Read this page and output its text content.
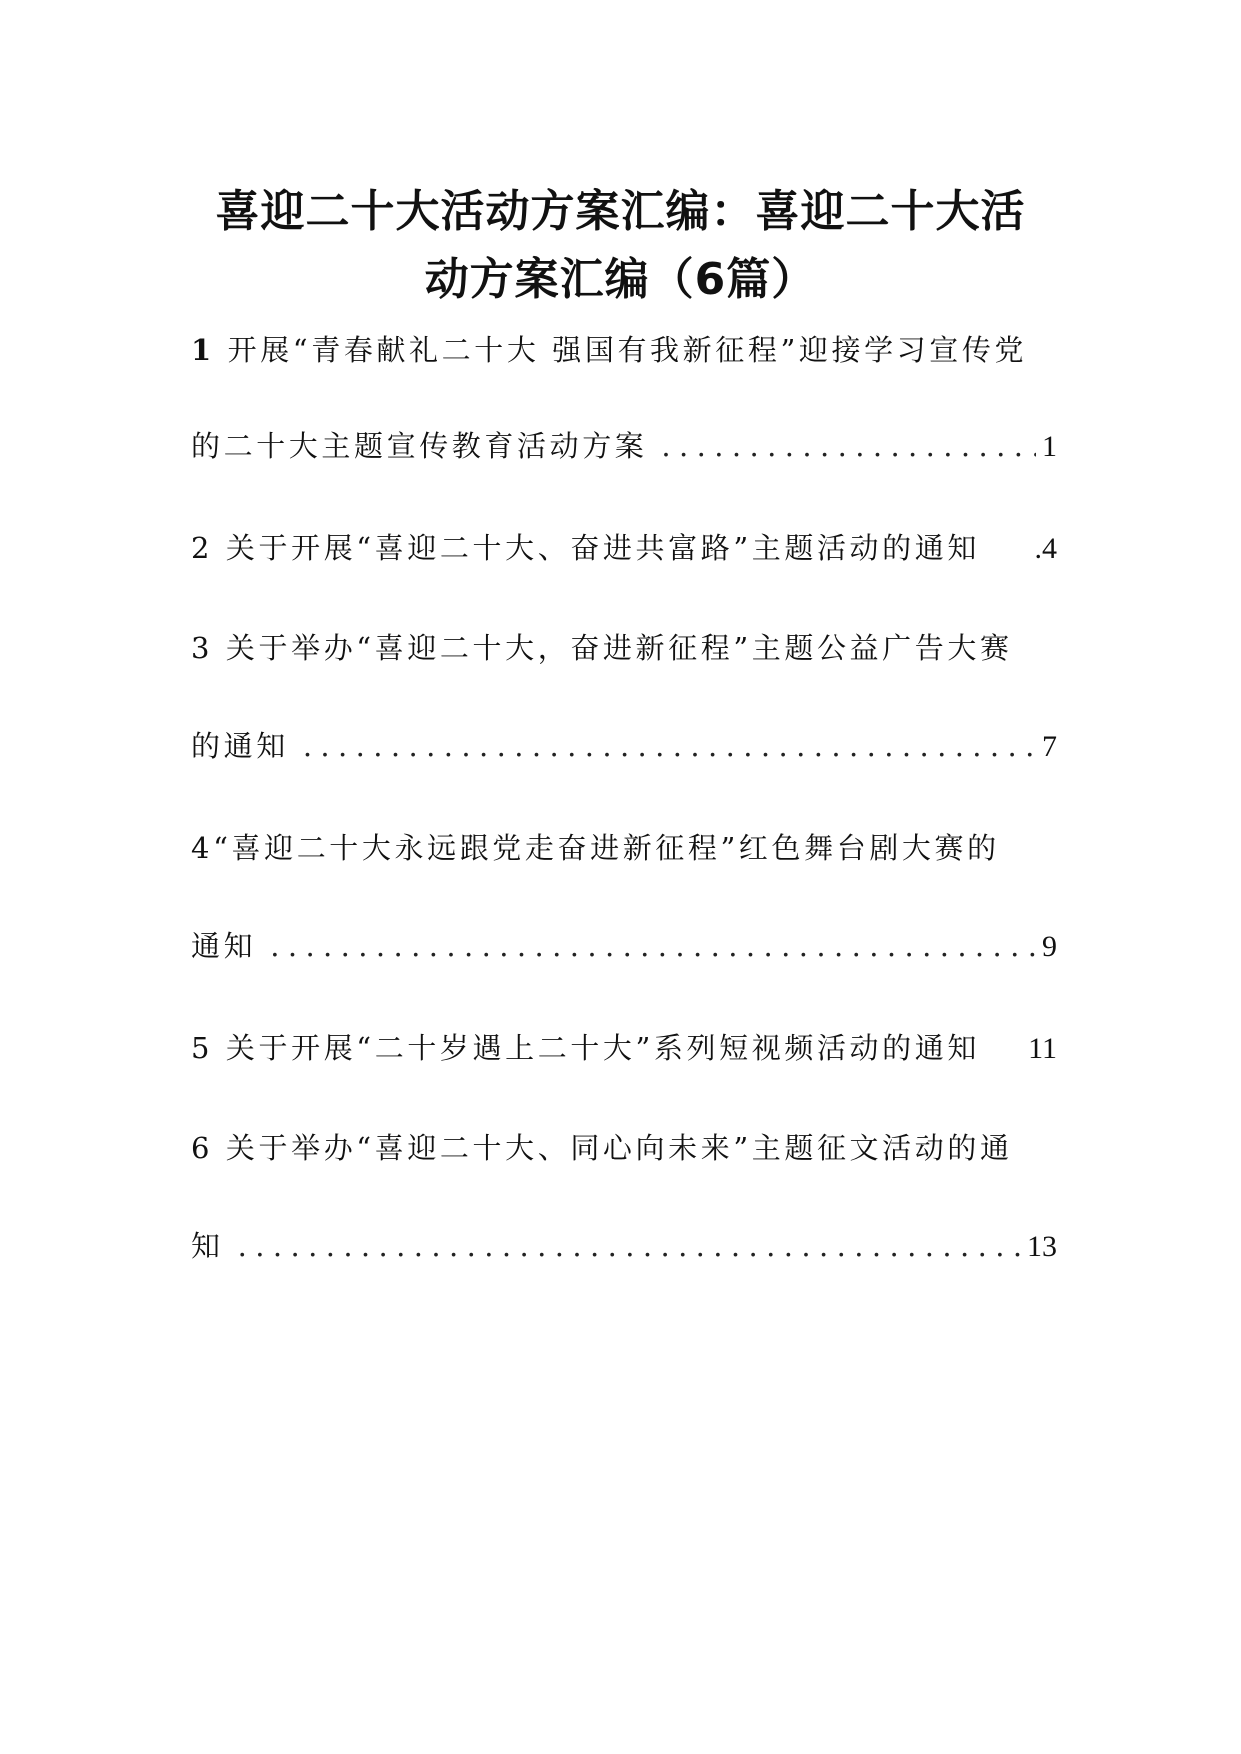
喜迎二十大活动方案汇编：喜迎二十大活
动方案汇编（6篇）
1 开展“青春献礼二十大 强国有我新征程”迎接学习宣传党
的二十大主题宣传教育活动方案 .....	1
2 关于开展“喜迎二十大、奋进共富路”主题活动的通知 .4
3 关于举办“喜迎二十大，奋进新征程”主题公益广告大赛
的通知 .....	7
4“喜迎二十大永远跟党走奋进新征程”红色舞台剧大赛的
通知 .....	9
5 关于开展“二十岁遇上二十大”系列短视频活动的通知 11
6 关于举办“喜迎二十大、同心向未来”主题征文活动的通
知 .....	13
